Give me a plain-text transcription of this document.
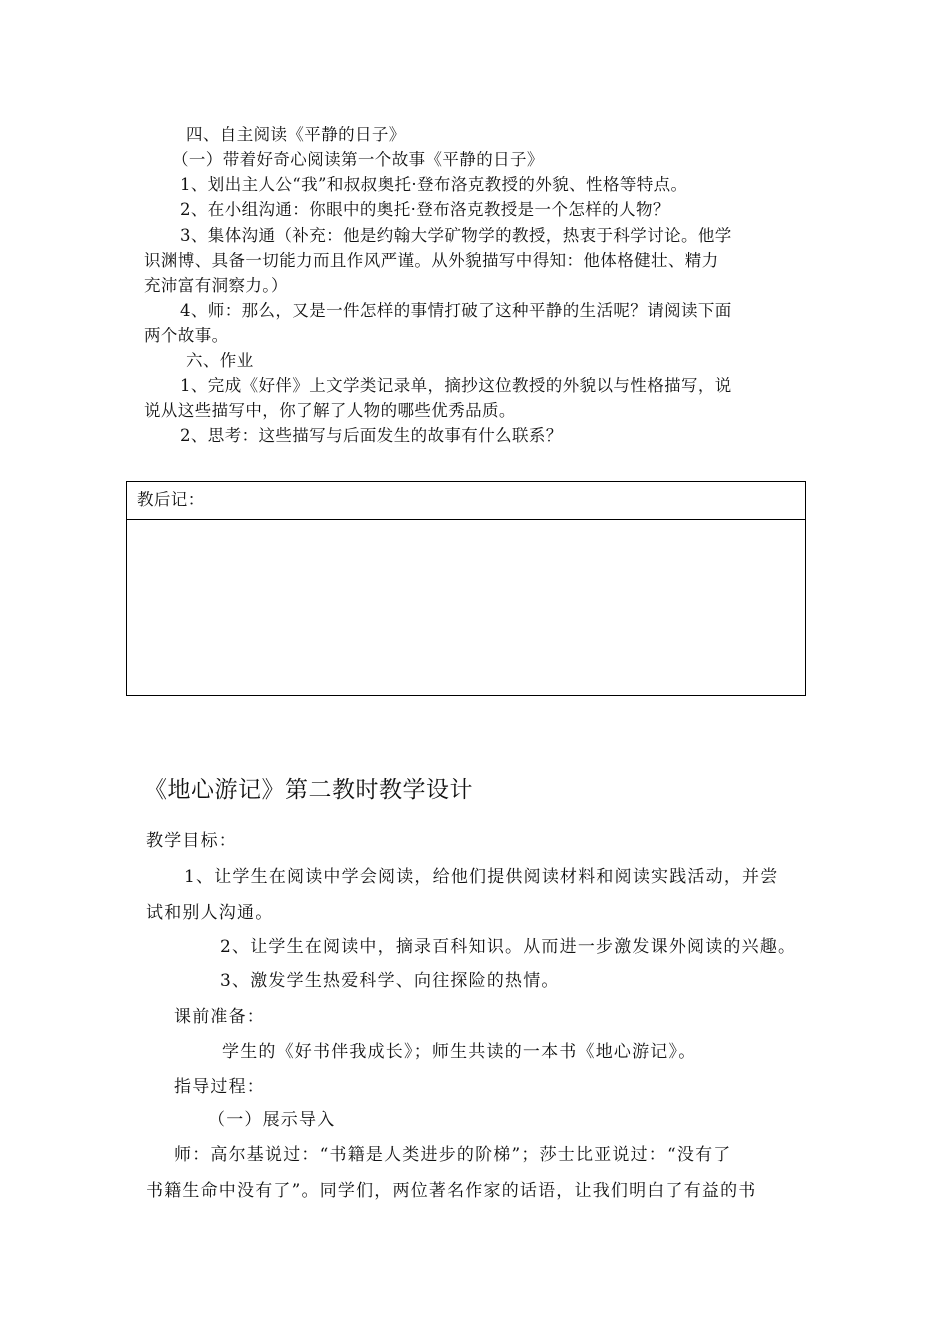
四、自主阅读《平静的日子》
（一）带着好奇心阅读第一个故事《平静的日子》
1、划出主人公“我”和叔叔奥托·登布洛克教授的外貌、性格等特点。
2、在小组沟通：你眼中的奥托·登布洛克教授是一个怎样的人物？
3、集体沟通（补充：他是约翰大学矿物学的教授，热衷于科学讨论。他学
识渊博、具备一切能力而且作风严谨。从外貌描写中得知：他体格健壮、精力
充沛富有洞察力。）
4、师：那么，又是一件怎样的事情打破了这种平静的生活呢？请阅读下面
两个故事。
六、作业
1、完成《好伴》上文学类记录单，摘抄这位教授的外貌以与性格描写，说
说从这些描写中，你了解了人物的哪些优秀品质。
2、思考：这些描写与后面发生的故事有什么联系？
教后记：
《地心游记》第二教时教学设计
教学目标：
1、让学生在阅读中学会阅读，给他们提供阅读材料和阅读实践活动，并尝
试和别人沟通。
2、让学生在阅读中，摘录百科知识。从而进一步激发课外阅读的兴趣。
3、激发学生热爱科学、向往探险的热情。
课前准备：
学生的《好书伴我成长》；师生共读的一本书《地心游记》。
指导过程：
（一）展示导入
师：高尔基说过：“书籍是人类进步的阶梯”；莎士比亚说过：“没有了
书籍生命中没有了”。同学们，两位著名作家的话语，让我们明白了有益的书
